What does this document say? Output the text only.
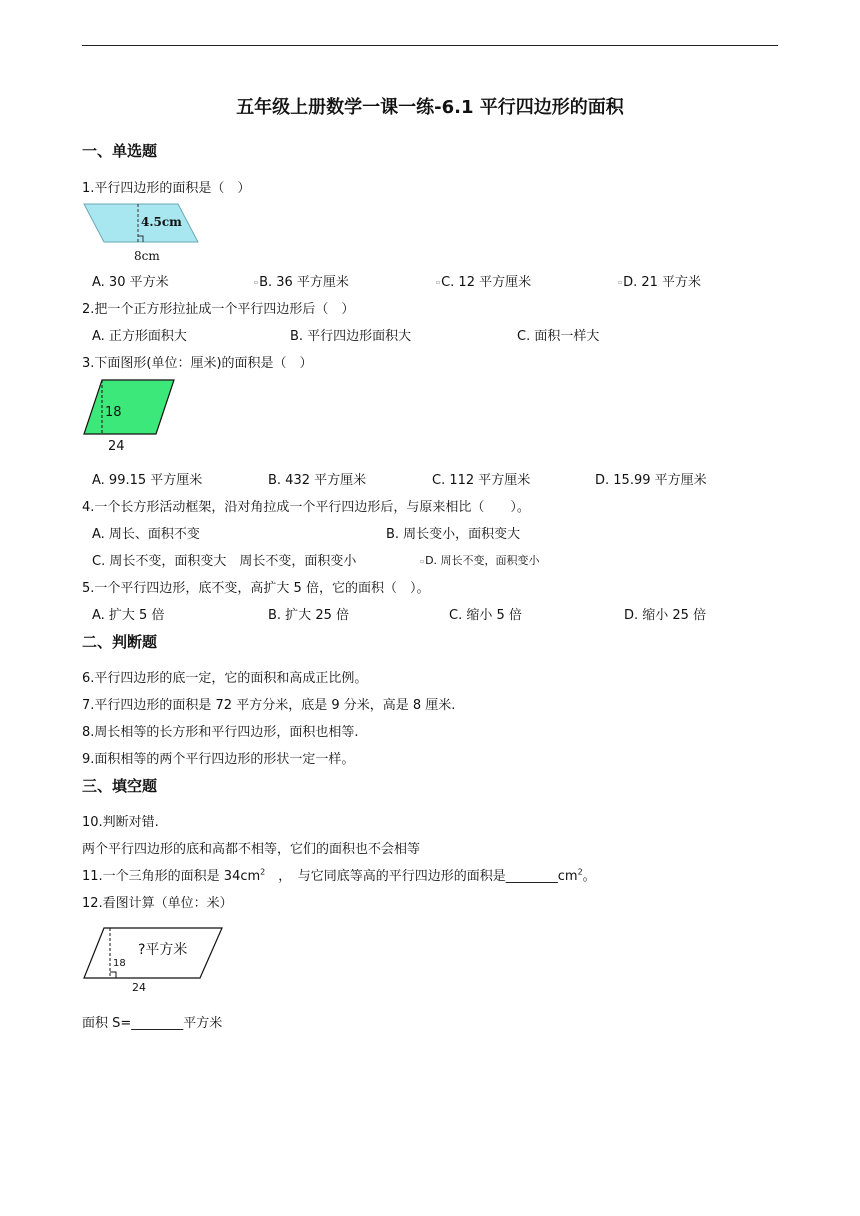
五年级上册数学一课一练-6.1 平行四边形的面积
一、单选题
1.平行四边形的面积是（　）
4.5cm
8cm
A. 30 平方米	▫B. 36 平方厘米	▫C. 12 平方厘米	▫D. 21 平方米
2.把一个正方形拉扯成一个平行四边形后（　）
A. 正方形面积大	B. 平行四边形面积大	C. 面积一样大
3.下面图形(单位：厘米)的面积是（　）
18
24
A. 99.15 平方厘米	B. 432 平方厘米	C. 112 平方厘米	D. 15.99 平方厘米
4.一个长方形活动框架，沿对角拉成一个平行四边形后，与原来相比（　　）。
A. 周长、面积不变	B. 周长变小，面积变大
C. 周长不变，面积变大　周长不变，面积变小	▫D. 周长不变，面积变小
5.一个平行四边形，底不变，高扩大 5 倍，它的面积（　）。
A. 扩大 5 倍	B. 扩大 25 倍	C. 缩小 5 倍	D. 缩小 25 倍
二、判断题
6.平行四边形的底一定，它的面积和高成正比例。
7.平行四边形的面积是 72 平方分米，底是 9 分米，高是 8 厘米.
8.周长相等的长方形和平行四边形，面积也相等.
9.面积相等的两个平行四边形的形状一定一样。
三、填空题
10.判断对错.
两个平行四边形的底和高都不相等，它们的面积也不会相等
11.一个三角形的面积是 $34cm^2$　，　与它同底等高的平行四边形的面积是$\_\_\_\_\_\_\_\_cm^2$。
12.看图计算（单位：米）
?平方米
18
24
面积 S=________平方米
